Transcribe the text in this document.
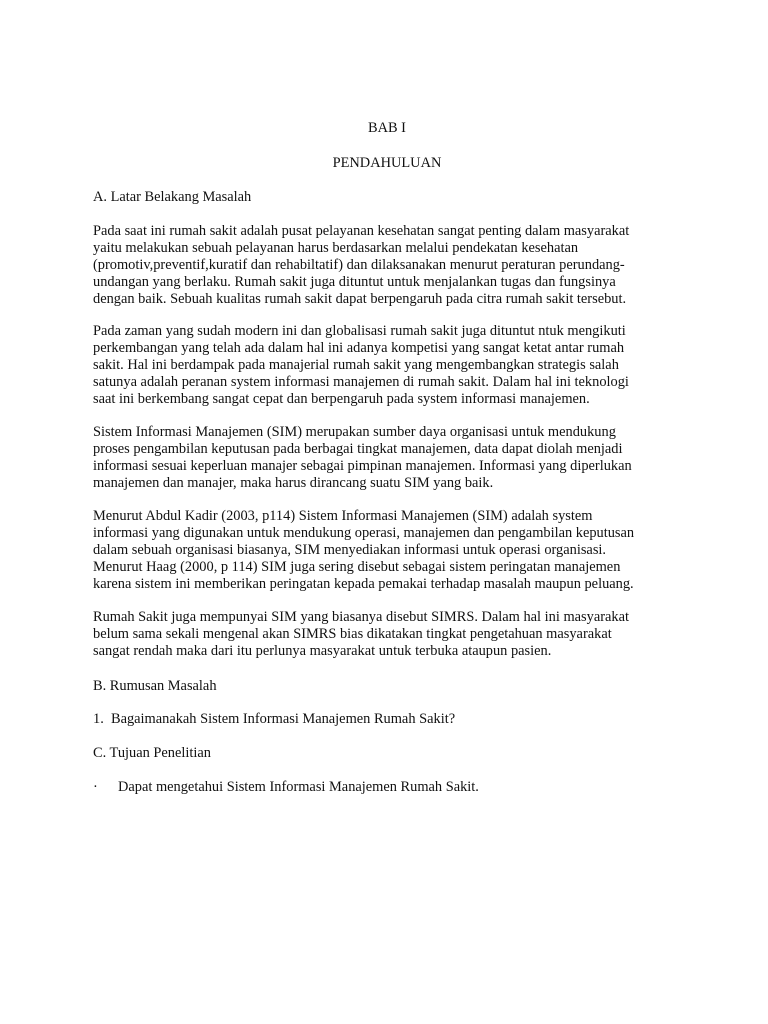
BAB I

PENDAHULUAN

A. Latar Belakang Masalah

Pada saat ini rumah sakit adalah pusat pelayanan kesehatan sangat penting dalam masyarakat
yaitu melakukan sebuah pelayanan harus berdasarkan melalui pendekatan kesehatan
(promotiv,preventif,kuratif dan rehabiltatif) dan dilaksanakan menurut peraturan perundang-
undangan yang berlaku. Rumah sakit juga dituntut untuk menjalankan tugas dan fungsinya
dengan baik. Sebuah kualitas rumah sakit dapat berpengaruh pada citra rumah sakit tersebut.
Pada zaman yang sudah modern ini dan globalisasi rumah sakit juga dituntut ntuk mengikuti
perkembangan yang telah ada dalam hal ini adanya kompetisi yang sangat ketat antar rumah
sakit. Hal ini berdampak pada manajerial rumah sakit yang mengembangkan strategis salah
satunya adalah peranan system informasi manajemen di rumah sakit. Dalam hal ini teknologi
saat ini berkembang sangat cepat dan berpengaruh pada system informasi manajemen.
Sistem Informasi Manajemen (SIM) merupakan sumber daya organisasi untuk mendukung
proses pengambilan keputusan pada berbagai tingkat manajemen, data dapat diolah menjadi
informasi sesuai keperluan manajer sebagai pimpinan manajemen. Informasi yang diperlukan
manajemen dan manajer, maka harus dirancang suatu SIM yang baik.
Menurut Abdul Kadir (2003, p114) Sistem Informasi Manajemen (SIM) adalah system
informasi yang digunakan untuk mendukung operasi, manajemen dan pengambilan keputusan
dalam sebuah organisasi biasanya, SIM menyediakan informasi untuk operasi organisasi.
Menurut Haag (2000, p 114) SIM juga sering disebut sebagai sistem peringatan manajemen
karena sistem ini memberikan peringatan kepada pemakai terhadap masalah maupun peluang.
Rumah Sakit juga mempunyai SIM yang biasanya disebut SIMRS. Dalam hal ini masyarakat
belum sama sekali mengenal akan SIMRS bias dikatakan tingkat pengetahuan masyarakat
sangat rendah maka dari itu perlunya masyarakat untuk terbuka ataupun pasien.

B. Rumusan Masalah

1.  Bagaimanakah Sistem Informasi Manajemen Rumah Sakit?

C. Tujuan Penelitian

· Dapat mengetahui Sistem Informasi Manajemen Rumah Sakit.
